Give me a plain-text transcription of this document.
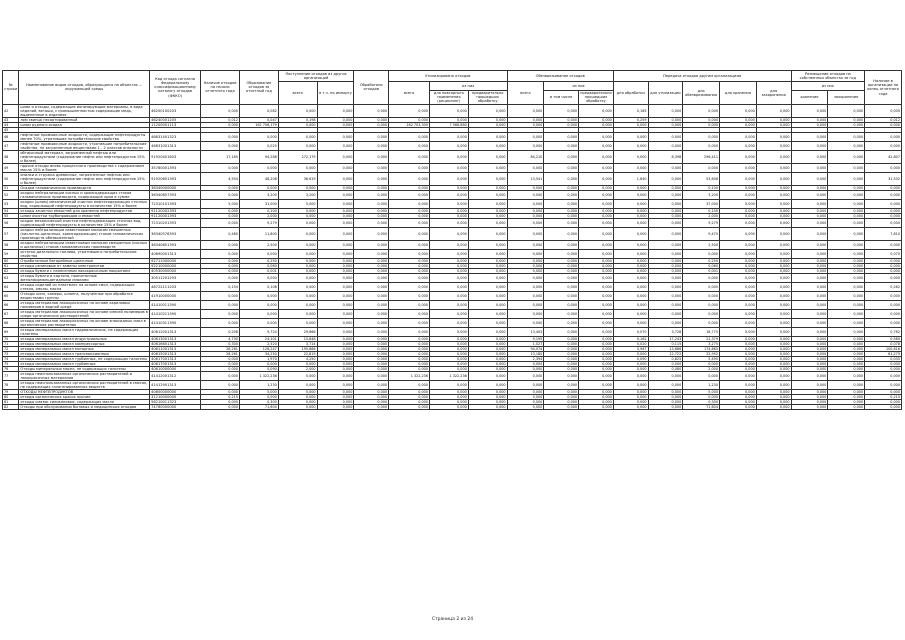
№ строки	Наименование видов отходов, образующихся на объектах ... окружающей среды	Код отхода согласно Федеральному классификационному каталогу отходов (ФККО)	Наличие отходов на начало отчетного года	Образование отходов за отчетный год	Поступление отходов из других организаций		Обработано отходов	Утилизировано отходов			Обезвреживание отходов			Передача отходов другим организациям					Размещение отходов на собственных объектах за год		Наличие в организации на конец отчетного года
					всего	в т.ч. по импорту		всего	из них		всего	из них		для обработки	для утилизации	для обезвреживания	для хранения	для захоронения	из них		
									для повторного применения (рециклинг)	предварительно прошедших обработку		в том числе	предварительно прошедших обработку						хранение	захоронение	
42	шлак и отходы, содержащие ионизирующие материалы, в виде изделий, ветоши, с промышленностью содержащие медь, выделенные в изделиях	46200100203	0,000	0,082	0,000	0,000	0,000	0,000	0,000	0,000	0,000	0,000	0,000	0,165	0,000	0,000	0,000	0,000	0,000	0,000	0,000
43	лом свинца несортированный	46240001205	0,012	0,047	0,198	0,000	0,000	0,000	0,000	0,000	0,000	0,000	0,000	0,259	0,000	0,000	0,000	0,000	0,000	0,000	0,012
44	шлам рудного осадка	11200001113	0,000	162 706,179	0,000	0,000	0,000	162 703,309	7 568,880	0,000	0,000	0,000	0,000	0,000	0,000	0,000	0,000	0,000	0,000	0,000	0,000
45																					
46	нефтяные промывочные жидкости, содержащие нефтепродукты менее 70%, утратившие потребительские свойства	46831401323	0,000	0,000	0,000	0,000	0,000	0,000	0,000	0,000	0,000	0,000	0,000	0,000	0,000	0,000	0,000	0,000	0,000	0,000	0,000
47	нефтяные промывочные жидкости, утратившие потребительские свойства, не загрязненные веществами 1 - 2 классов опасности	46831001313	0,000	0,025	0,000	0,000	0,000	0,000	0,000	0,000	0,000	0,000	0,000	0,000	0,000	0,000	0,000	0,000	0,000	0,000	0,000
48	обтирочный материал, загрязненный нефтью или нефтепродуктами (содержание нефти или нефтепродуктов 15% и более)	91920401603	17,165	94,288	272,179	0,000	0,000	0,000	0,000	0,000	84,210	0,000	0,000	0,000	8,398	296,411	0,000	0,000	0,000	0,000	42,807
49	прочие отходы вновь процессного производства с содержанием масла 15% и более	35780001393	0,000	0,000	0,000	0,000	0,000	0,000	0,000	0,000	0,000	0,000	0,000	0,000	0,000	0,000	0,000	0,000	0,000	0,000	0,000
50	опилки и стружка древесные, загрязненные нефтью или нефтепродуктами (содержание нефти или нефтепродуктов 15% и более)	91920601393	4,554	48,208	36,619	0,000	0,000	0,000	0,000	0,000	13,541	0,000	0,000	1,640	0,000	53,608	0,000	0,000	0,000	0,000	31,532
51	Осадки гальванических производств	36340000000	0,000	0,000	0,000	0,000	0,000	0,000	0,000	0,000	0,000	0,000	0,000	0,000	0,000	0,100	0,000	0,000	0,000	0,000	0,000
52	осадки нейтрализации кислых и хромсодержащих стоков гальванических производств, содержащие хром в сумме	36340857393	0,000	3,200	3,200	0,000	0,000	0,000	0,000	0,000	0,000	0,000	0,000	0,000	0,000	3,200	0,000	0,000	0,000	0,000	0,000
53	осадки (шлам) механической очистки нефтесодержащих сточных вод, содержащий нефтепродукты в количестве 15% и более	72310101393	5,000	31,000	5,000	0,000	0,000	0,000	0,000	0,000	4,000	0,000	0,000	0,000	0,000	37,000	0,000	0,000	0,000	0,000	0,000
54	отходы зачистки емкостей для хранения нефтепродуктов	91120002393	0,000	0,100	0,000	0,000	0,000	0,000	0,000	0,000	0,000	0,000	0,000	0,000	0,000	0,100	0,000	0,000	0,000	0,000	0,000
55	шлам очистки трубопроводов и емкостей	91120001393	0,000	2,000	0,000	0,000	0,000	0,000	0,000	0,000	0,000	0,000	0,000	0,000	0,000	2,000	0,000	0,000	0,000	0,000	0,000
56	осадок механической очистки нефтесодержащих сточных вод, содержащий нефтепродукты в количестве 15% и более	72310201393	0,000	9,279	0,000	0,000	0,000	0,000	0,000	0,000	0,000	0,000	0,000	0,000	0,000	9,279	0,000	0,000	0,000	0,000	0,000
57	осадки нейтрализации известковым молоком смешанных (кислотно-щелочных, хромсодержащих) стоков гальванических производств обезвоженный	36340576393	0,480	11,800	0,000	0,000	0,000	0,000	0,000	0,000	0,000	0,000	0,000	0,000	0,000	9,470	0,000	0,000	0,000	0,000	7,810
58	осадки нейтрализации известковым молоком смешанных (кислых и щелочных) стоков гальванических производств	36340801393	0,000	2,500	0,000	0,000	0,000	0,000	0,000	0,000	0,000	0,000	0,000	0,000	0,000	2,500	0,000	0,000	0,000	0,000	0,000
59	остатки дизельного топлива, утратившего потребительские свойства	40690001313	0,000	0,000	0,000	0,000	0,000	0,000	0,000	0,000	0,000	0,000	0,000	0,000	0,000	0,000	0,000	0,000	0,000	0,000	0,070
60	Отработанные батарейные щелочные	92711000000	0,000	0,250	0,000	0,000	0,000	0,000	0,000	0,000	0,000	0,000	0,000	0,000	0,000	0,250	0,000	0,000	0,000	0,000	0,000
61	отходы резиновые от замены электролитов	92210000000	0,000	0,060	0,000	0,000	0,000	0,000	0,000	0,000	0,000	0,000	0,000	0,000	0,000	0,060	0,000	0,000	0,000	0,000	0,000
62	отходы бумаги с нанесенным лакокрасочным покрытием	40530000000	0,000	0,001	0,000	0,000	0,000	0,000	0,000	0,000	0,000	0,000	0,000	0,000	0,000	0,001	0,000	0,000	0,000	0,000	0,000
63	отходы бумаги и картона, пропитанные фенолформальдегидными смолами	30511201293	0,000	0,000	0,000	0,000	0,000	0,000	0,000	0,000	0,000	0,000	0,000	0,000	0,000	0,000	0,000	0,000	0,000	0,000	0,000
64	отходы изделий из пластмасс на основе смол, содержащих стекло, смолы, масла	46722111203	0,154	0,108	0,000	0,000	0,000	0,000	0,000	0,000	0,000	0,000	0,000	0,000	0,000	0,000	0,000	0,000	0,000	0,000	0,262
65	Отходы кинл, камеры, шланга, полученные при обработке веществами группы	41910000000	0,000	0,000	0,000	0,000	0,000	0,000	0,000	0,000	0,000	0,000	0,000	0,000	0,000	0,000	0,000	0,000	0,000	0,000	0,000
66	отходы материалов лакокрасочных на основе акриловых полимеров в водной среде	41410011390	0,000	0,000	0,000	0,000	0,000	0,000	0,000	0,000	0,000	0,000	0,000	0,000	0,000	0,000	0,000	0,000	0,000	0,000	0,000
67	отходы материалов лакокрасочных на основе смесей полимеров в среде органических растворителей	41410211390	0,000	0,000	0,000	0,000	0,000	0,000	0,000	0,000	0,000	0,000	0,000	0,000	0,000	0,000	0,000	0,000	0,000	0,000	0,000
68	отходы материалов лакокрасочных на основе эпоксидных смол в органических растворителях	41410311390	0,000	0,000	0,000	0,000	0,000	0,000	0,000	0,000	0,000	0,000	0,000	0,000	0,000	0,000	0,000	0,000	0,000	0,000	0,000
69	отходы минеральных масел гидравлических, не содержащих галогены	40612001313	0,208	9,724	29,866	0,000	0,000	0,000	0,000	0,000	13,403	0,000	0,000	0,070	3,728	18,775	0,000	0,000	0,000	0,000	0,762
70	отходы минеральных масел индустриальных	40613001313	4,700	24,101	15,848	0,000	0,000	0,000	0,000	0,000	9,195	0,000	0,000	0,162	17,243	21,379	0,000	0,000	0,000	0,000	0,580
71	отходы минеральных масел компрессорных	40616601313	0,300	2,520	3,714	0,000	0,000	0,000	0,000	0,000	1,027	0,000	0,000	0,020	0,115	3,275	0,000	0,000	0,000	0,000	0,078
72	отходы минеральных масел моторных	40611001313	26,261	128,247	195,866	0,000	0,000	0,000	0,000	0,000	94,074	0,000	0,000	3,967	13,686	174,865	0,000	0,000	0,000	0,000	100,616
73	отходы минеральных масел трансмиссионных	40615001313	26,261	34,250	22,819	0,000	0,000	0,000	0,000	0,000	13,180	0,000	0,000	0,000	12,722	22,952	0,000	0,000	0,000	0,000	61,275
74	отходы минеральных масел турбинных, не содержащих галогены	40617001313	0,000	1,970	4,250	0,000	0,000	0,000	0,000	0,000	2,394	0,000	0,000	0,090	0,825	5,495	0,000	0,000	0,000	0,000	0,035
75	отходы минеральных масел турбинных	40617001313	0,000	0,000	0,000	0,000	0,000	0,000	0,000	0,000	0,000	0,000	0,000	0,000	0,000	0,000	0,000	0,000	0,000	0,000	0,000
76	Отходы минеральных масел, не содержащих галогены	40610000000	0,000	0,090	2,000	0,000	0,000	0,000	0,000	0,000	0,000	0,000	0,000	0,000	0,080	2,000	0,000	0,000	0,000	0,000	0,000
77	отходы неиспользованных органических растворителей и лакокрасочных материалов	41412001312	0,000	1 322,236	0,000	0,000	0,000	1 322,236	1 322,236	0,000	0,000	0,000	0,000	0,000	0,000	0,000	0,000	0,000	0,000	0,000	0,000
78	отходы неиспользованных органических растворителей в смесях, не содержащих галогенированных веществ	41412901313	0,000	1,230	0,000	0,000	0,000	0,000	0,000	0,000	0,000	0,000	0,000	0,000	0,000	1,230	0,000	0,000	0,000	0,000	0,000
79	ОТХОДЫ НЕФТЕПРОДУКТОВ	40600000000	0,000	5,000	5,000	0,000	0,000	0,000	0,000	0,000	0,000	0,000	0,000	0,000	0,000	5,000	0,000	0,000	0,000	0,000	0,000
80	отходы органических красок прочие	31210000000	0,215	0,000	0,000	0,000	0,000	0,000	0,000	0,000	0,000	0,000	0,000	0,000	0,000	0,000	0,000	0,000	0,000	0,000	0,215
81	отходы смазок силиконовых, содержащих масло	56210011323	0,000	0,300	0,000	0,000	0,000	0,000	0,000	0,000	0,000	0,000	0,000	0,000	0,000	0,300	0,000	0,000	0,000	0,000	0,000
82	Отходы при обслуживании бытовых и медицинских отходов	74780000000	0,000	71,604	0,000	0,000	0,000	0,000	0,000	0,000	0,000	0,000	0,000	0,000	0,000	71,604	0,000	0,000	0,000	0,000	0,000
Страница 2 из 24
